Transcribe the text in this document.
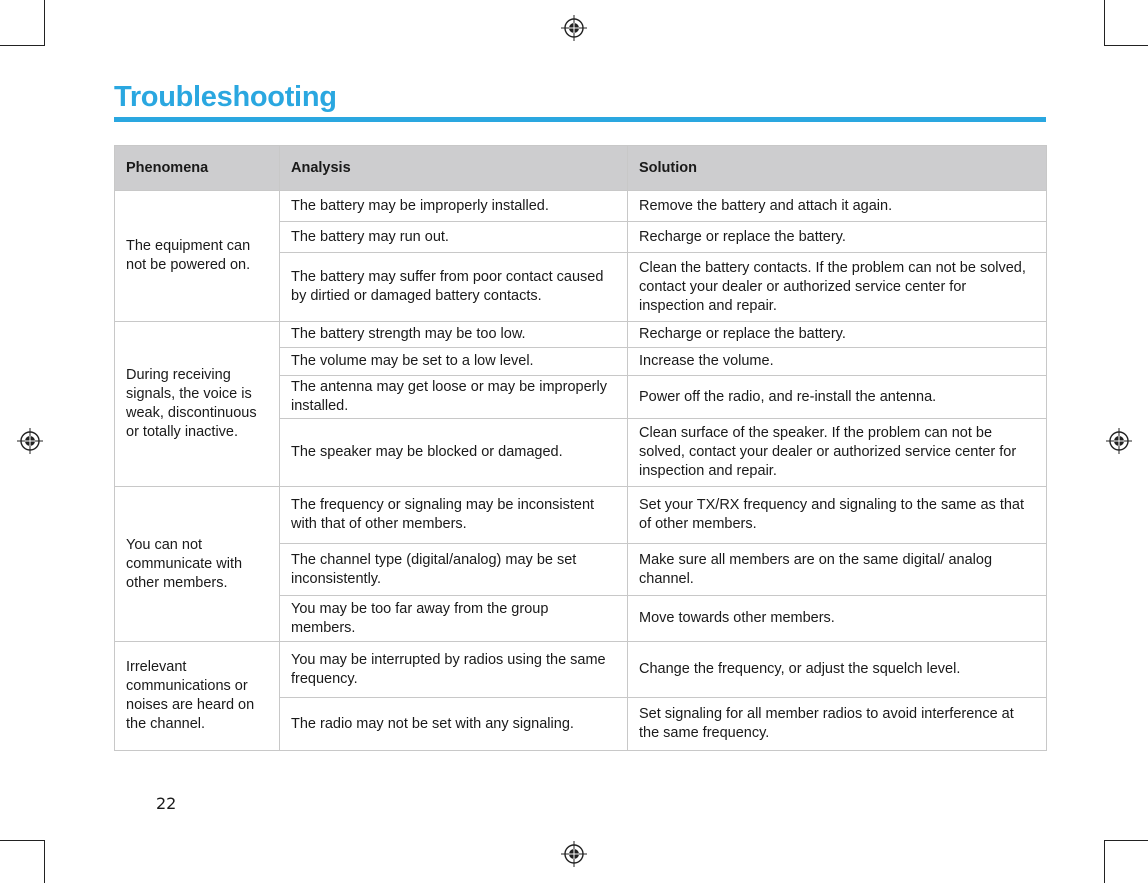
Troubleshooting
Phenomena	Analysis	Solution
The equipment can not be powered on.	The battery may be improperly installed.	Remove the battery and attach it again.
	The battery may run out.	Recharge or replace the battery.
	The battery may suffer from poor contact caused by dirtied or damaged battery contacts.	Clean the battery contacts. If the problem can not be solved, contact your dealer or authorized service center for inspection and repair.
During receiving signals, the voice is weak, discontinuous or totally inactive.	The battery strength may be too low.	Recharge or replace the battery.
	The volume may be set to a low level.	Increase the volume.
	The antenna may get loose or may be improperly installed.	Power off the radio, and re-install the antenna.
	The speaker may be blocked or damaged.	Clean surface of the speaker. If the problem can not be solved, contact your dealer or authorized service center for inspection and repair.
You can not communicate with other members.	The frequency or signaling may be inconsistent with that of other members.	Set your TX/RX frequency and signaling to the same as that of other members.
	The channel type (digital/analog) may be set inconsistently.	Make sure all members are on the same digital/ analog channel.
	You may be too far away from the group members.	Move towards other members.
Irrelevant communications or noises are heard on the channel.	You may be interrupted by radios using the same frequency.	Change the frequency, or adjust the squelch level.
	The radio may not be set with any signaling.	Set signaling for all member radios to avoid interference at the same frequency.
22
